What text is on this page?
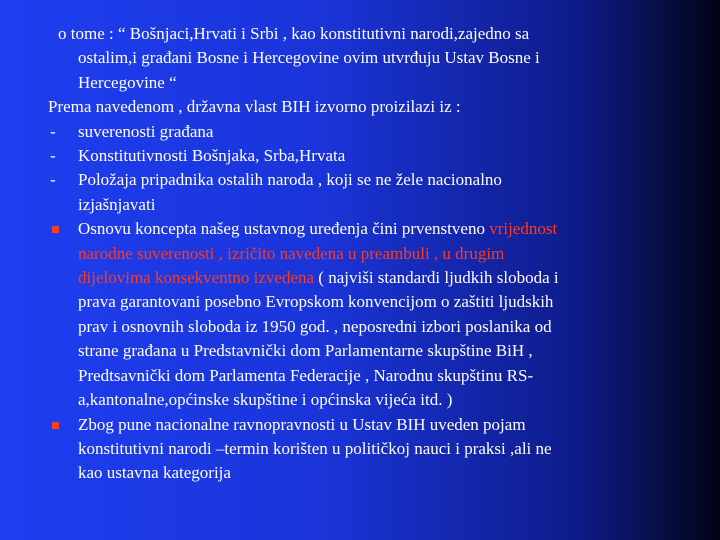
o tome : “ Bošnjaci,Hrvati i Srbi , kao konstitutivni narodi,zajedno sa
ostalim,i građani Bosne i Hercegovine ovim utvrđuju Ustav Bosne i
Hercegovine “
Prema navedenom , državna vlast BIH izvorno proizilazi iz :
- suverenosti građana
- Konstitutivnosti Bošnjaka, Srba,Hrvata
- Položaja pripadnika ostalih naroda , koji se ne žele nacionalno
izjašnjavati
Osnovu koncepta našeg ustavnog uređenja čini prvenstveno vrijednost
narodne suverenosti , izričito navedena u preambuli , u drugim
dijelovima konsekventno izvedena ( najviši standardi ljudkih sloboda i
prava garantovani posebno Evropskom konvencijom o zaštiti ljudskih
prav i osnovnih sloboda iz 1950 god. , neposredni izbori poslanika od
strane građana u Predstavnički dom Parlamentarne skupštine BiH ,
Predtsavnički dom Parlamenta Federacije , Narodnu skupštinu RS-
a,kantonalne,općinske skupštine i općinska vijeća itd. )
Zbog pune nacionalne ravnopravnosti u Ustav BIH uveden pojam
konstitutivni narodi –termin korišten u političkoj nauci i praksi ,ali ne
kao ustavna kategorija
